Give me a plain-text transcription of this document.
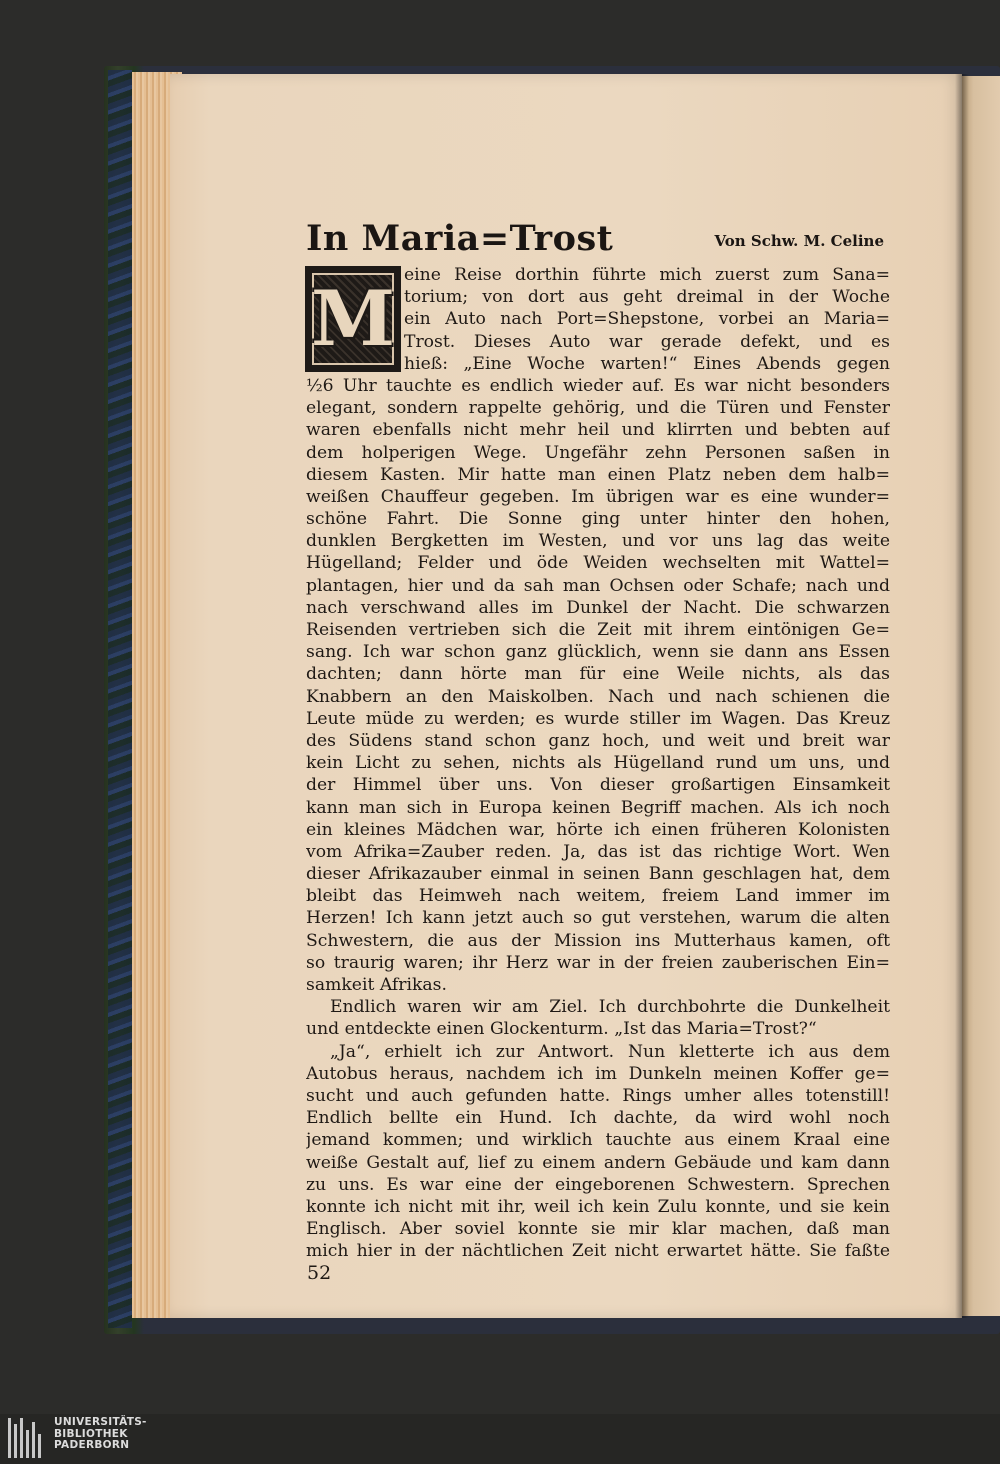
In Maria=Trost	Von Schw. M. Celine
M eine Reise dorthin führte mich zuerst zum Sana=
torium; von dort aus geht dreimal in der Woche
ein Auto nach Port=Shepstone, vorbei an Maria=
Trost. Dieses Auto war gerade defekt, und es
hieß: „Eine Woche warten!“ Eines Abends gegen
½6 Uhr tauchte es endlich wieder auf. Es war nicht besonders
elegant, sondern rappelte gehörig, und die Türen und Fenster
waren ebenfalls nicht mehr heil und klirrten und bebten auf
dem holperigen Wege. Ungefähr zehn Personen saßen in
diesem Kasten. Mir hatte man einen Platz neben dem halb=
weißen Chauffeur gegeben. Im übrigen war es eine wunder=
schöne Fahrt. Die Sonne ging unter hinter den hohen,
dunklen Bergketten im Westen, und vor uns lag das weite
Hügelland; Felder und öde Weiden wechselten mit Wattel=
plantagen, hier und da sah man Ochsen oder Schafe; nach und
nach verschwand alles im Dunkel der Nacht. Die schwarzen
Reisenden vertrieben sich die Zeit mit ihrem eintönigen Ge=
sang. Ich war schon ganz glücklich, wenn sie dann ans Essen
dachten; dann hörte man für eine Weile nichts, als das
Knabbern an den Maiskolben. Nach und nach schienen die
Leute müde zu werden; es wurde stiller im Wagen. Das Kreuz
des Südens stand schon ganz hoch, und weit und breit war
kein Licht zu sehen, nichts als Hügelland rund um uns, und
der Himmel über uns. Von dieser großartigen Einsamkeit
kann man sich in Europa keinen Begriff machen. Als ich noch
ein kleines Mädchen war, hörte ich einen früheren Kolonisten
vom Afrika=Zauber reden. Ja, das ist das richtige Wort. Wen
dieser Afrikazauber einmal in seinen Bann geschlagen hat, dem
bleibt das Heimweh nach weitem, freiem Land immer im
Herzen! Ich kann jetzt auch so gut verstehen, warum die alten
Schwestern, die aus der Mission ins Mutterhaus kamen, oft
so traurig waren; ihr Herz war in der freien zauberischen Ein=
samkeit Afrikas.
Endlich waren wir am Ziel. Ich durchbohrte die Dunkelheit
und entdeckte einen Glockenturm. „Ist das Maria=Trost?“
„Ja“, erhielt ich zur Antwort. Nun kletterte ich aus dem
Autobus heraus, nachdem ich im Dunkeln meinen Koffer ge=
sucht und auch gefunden hatte. Rings umher alles totenstill!
Endlich bellte ein Hund. Ich dachte, da wird wohl noch
jemand kommen; und wirklich tauchte aus einem Kraal eine
weiße Gestalt auf, lief zu einem andern Gebäude und kam dann
zu uns. Es war eine der eingeborenen Schwestern. Sprechen
konnte ich nicht mit ihr, weil ich kein Zulu konnte, und sie kein
Englisch. Aber soviel konnte sie mir klar machen, daß man
mich hier in der nächtlichen Zeit nicht erwartet hätte. Sie faßte
52
UNIVERSITÄTS-
BIBLIOTHEK
PADERBORN
